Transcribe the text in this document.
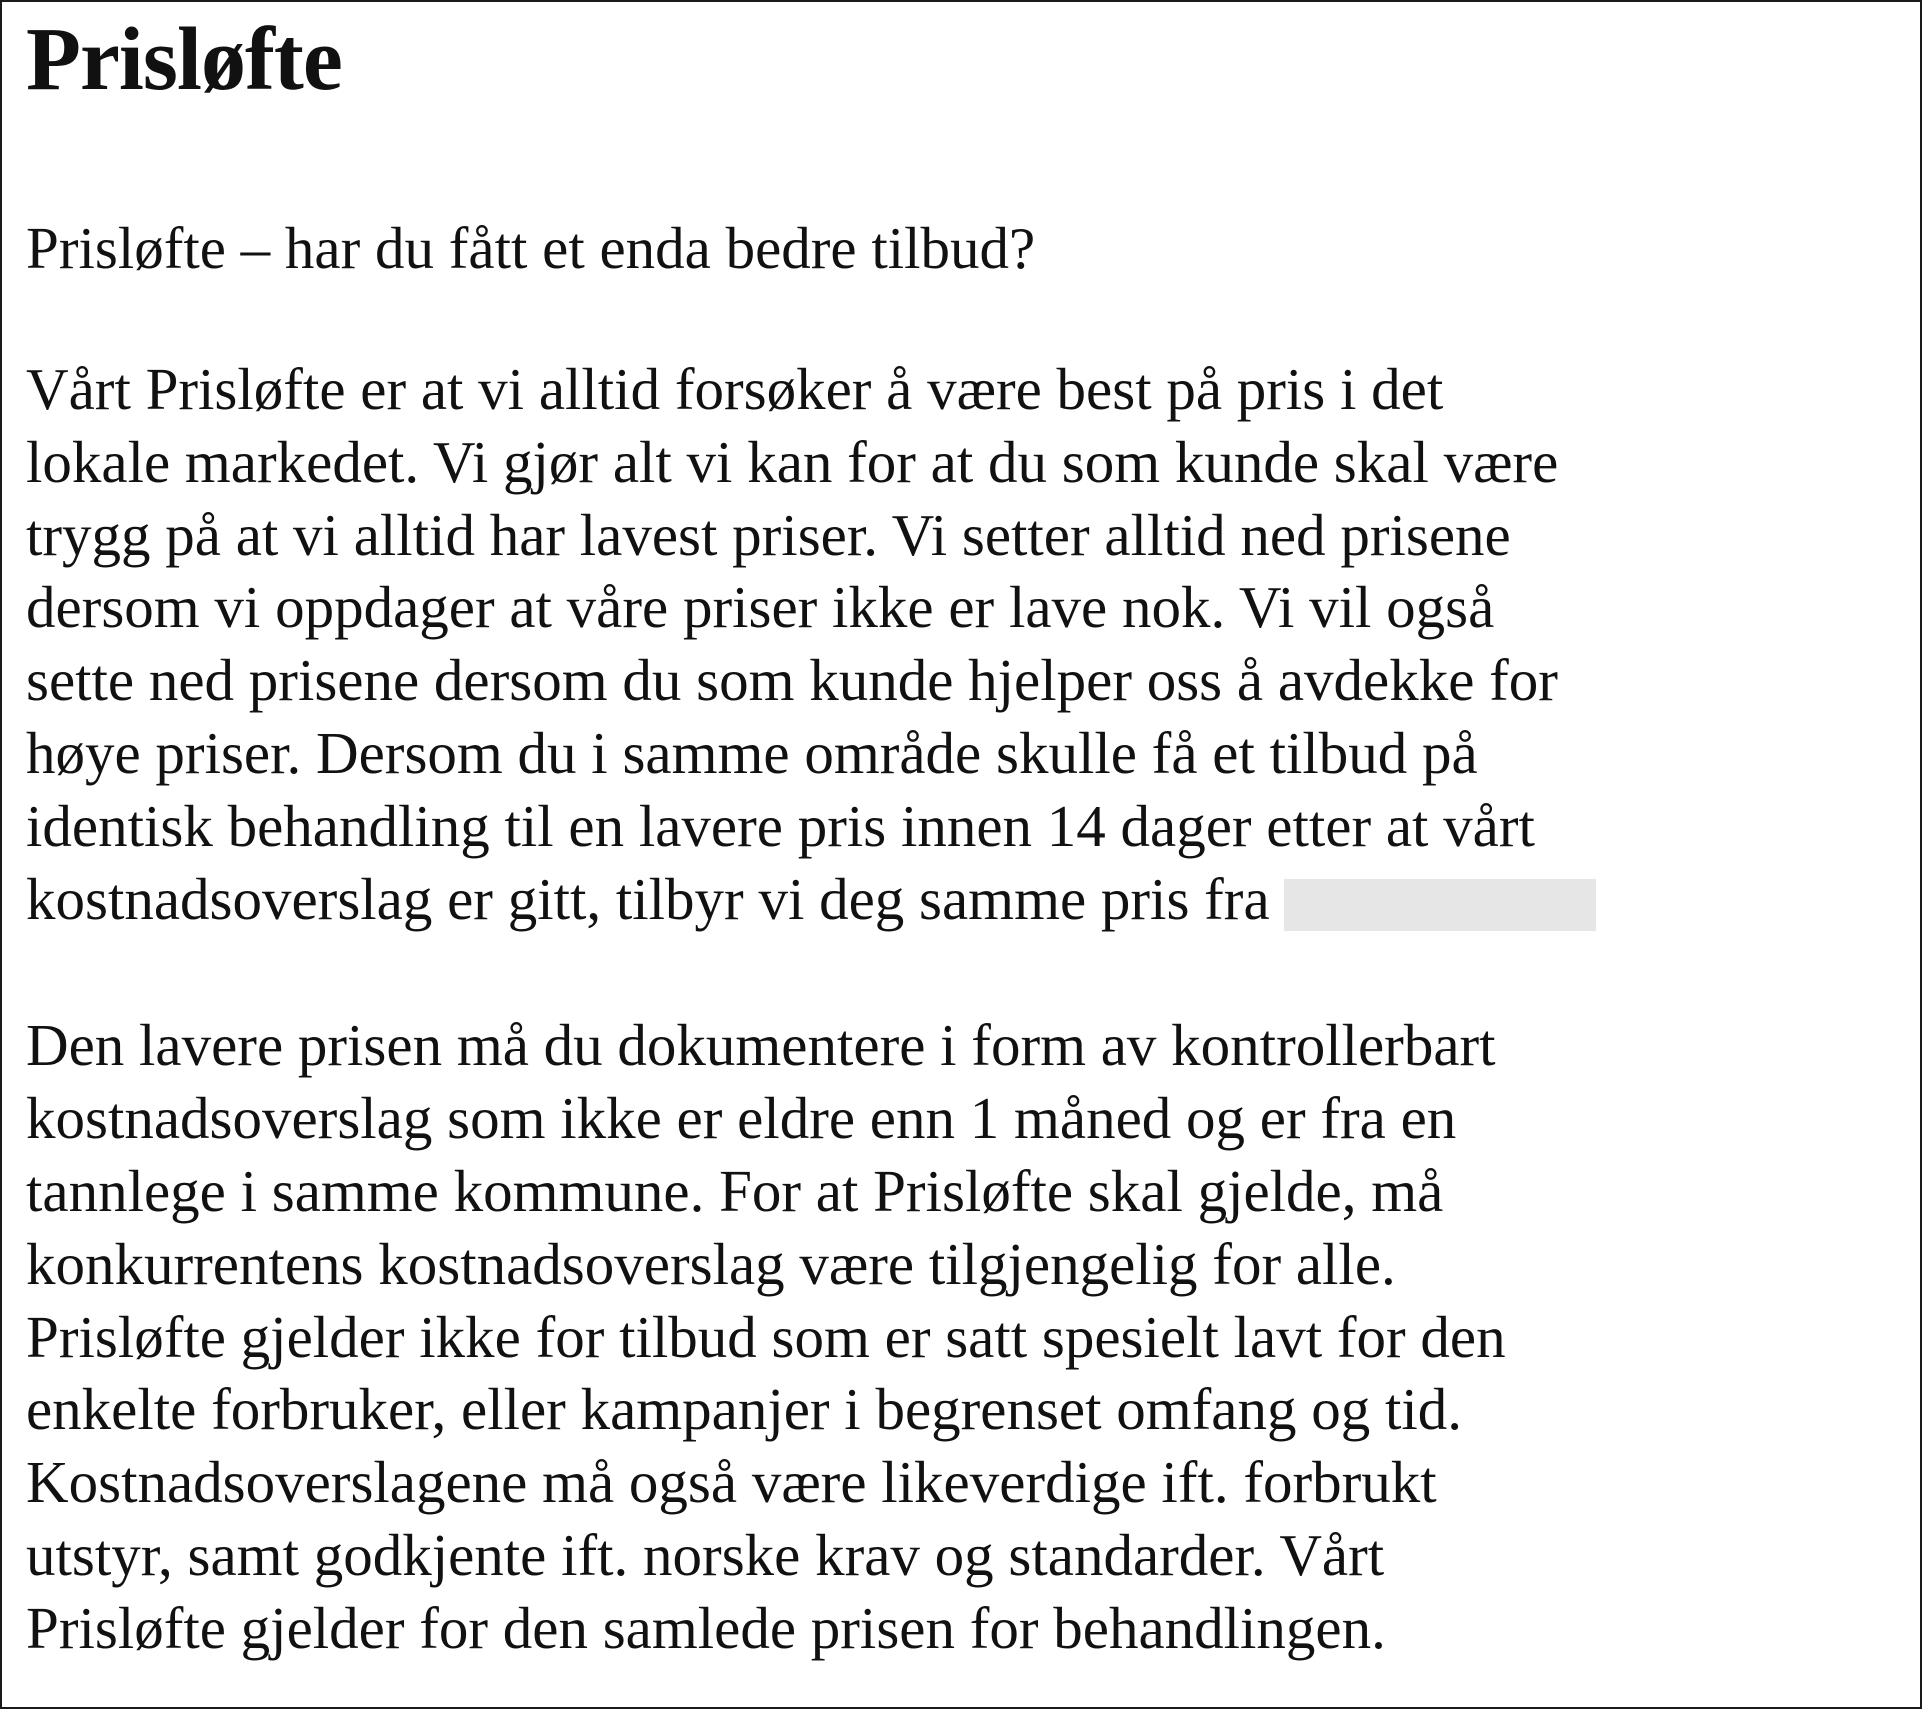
Prisløfte

Prisløfte – har du fått et enda bedre tilbud?

Vårt Prisløfte er at vi alltid forsøker å være best på pris i det
lokale markedet. Vi gjør alt vi kan for at du som kunde skal være
trygg på at vi alltid har lavest priser. Vi setter alltid ned prisene
dersom vi oppdager at våre priser ikke er lave nok. Vi vil også
sette ned prisene dersom du som kunde hjelper oss å avdekke for
høye priser. Dersom du i samme område skulle få et tilbud på
identisk behandling til en lavere pris innen 14 dager etter at vårt
kostnadsoverslag er gitt, tilbyr vi deg samme pris fra

Den lavere prisen må du dokumentere i form av kontrollerbart
kostnadsoverslag som ikke er eldre enn 1 måned og er fra en
tannlege i samme kommune. For at Prisløfte skal gjelde, må
konkurrentens kostnadsoverslag være tilgjengelig for alle.
Prisløfte gjelder ikke for tilbud som er satt spesielt lavt for den
enkelte forbruker, eller kampanjer i begrenset omfang og tid.
Kostnadsoverslagene må også være likeverdige ift. forbrukt
utstyr, samt godkjente ift. norske krav og standarder. Vårt
Prisløfte gjelder for den samlede prisen for behandlingen.
